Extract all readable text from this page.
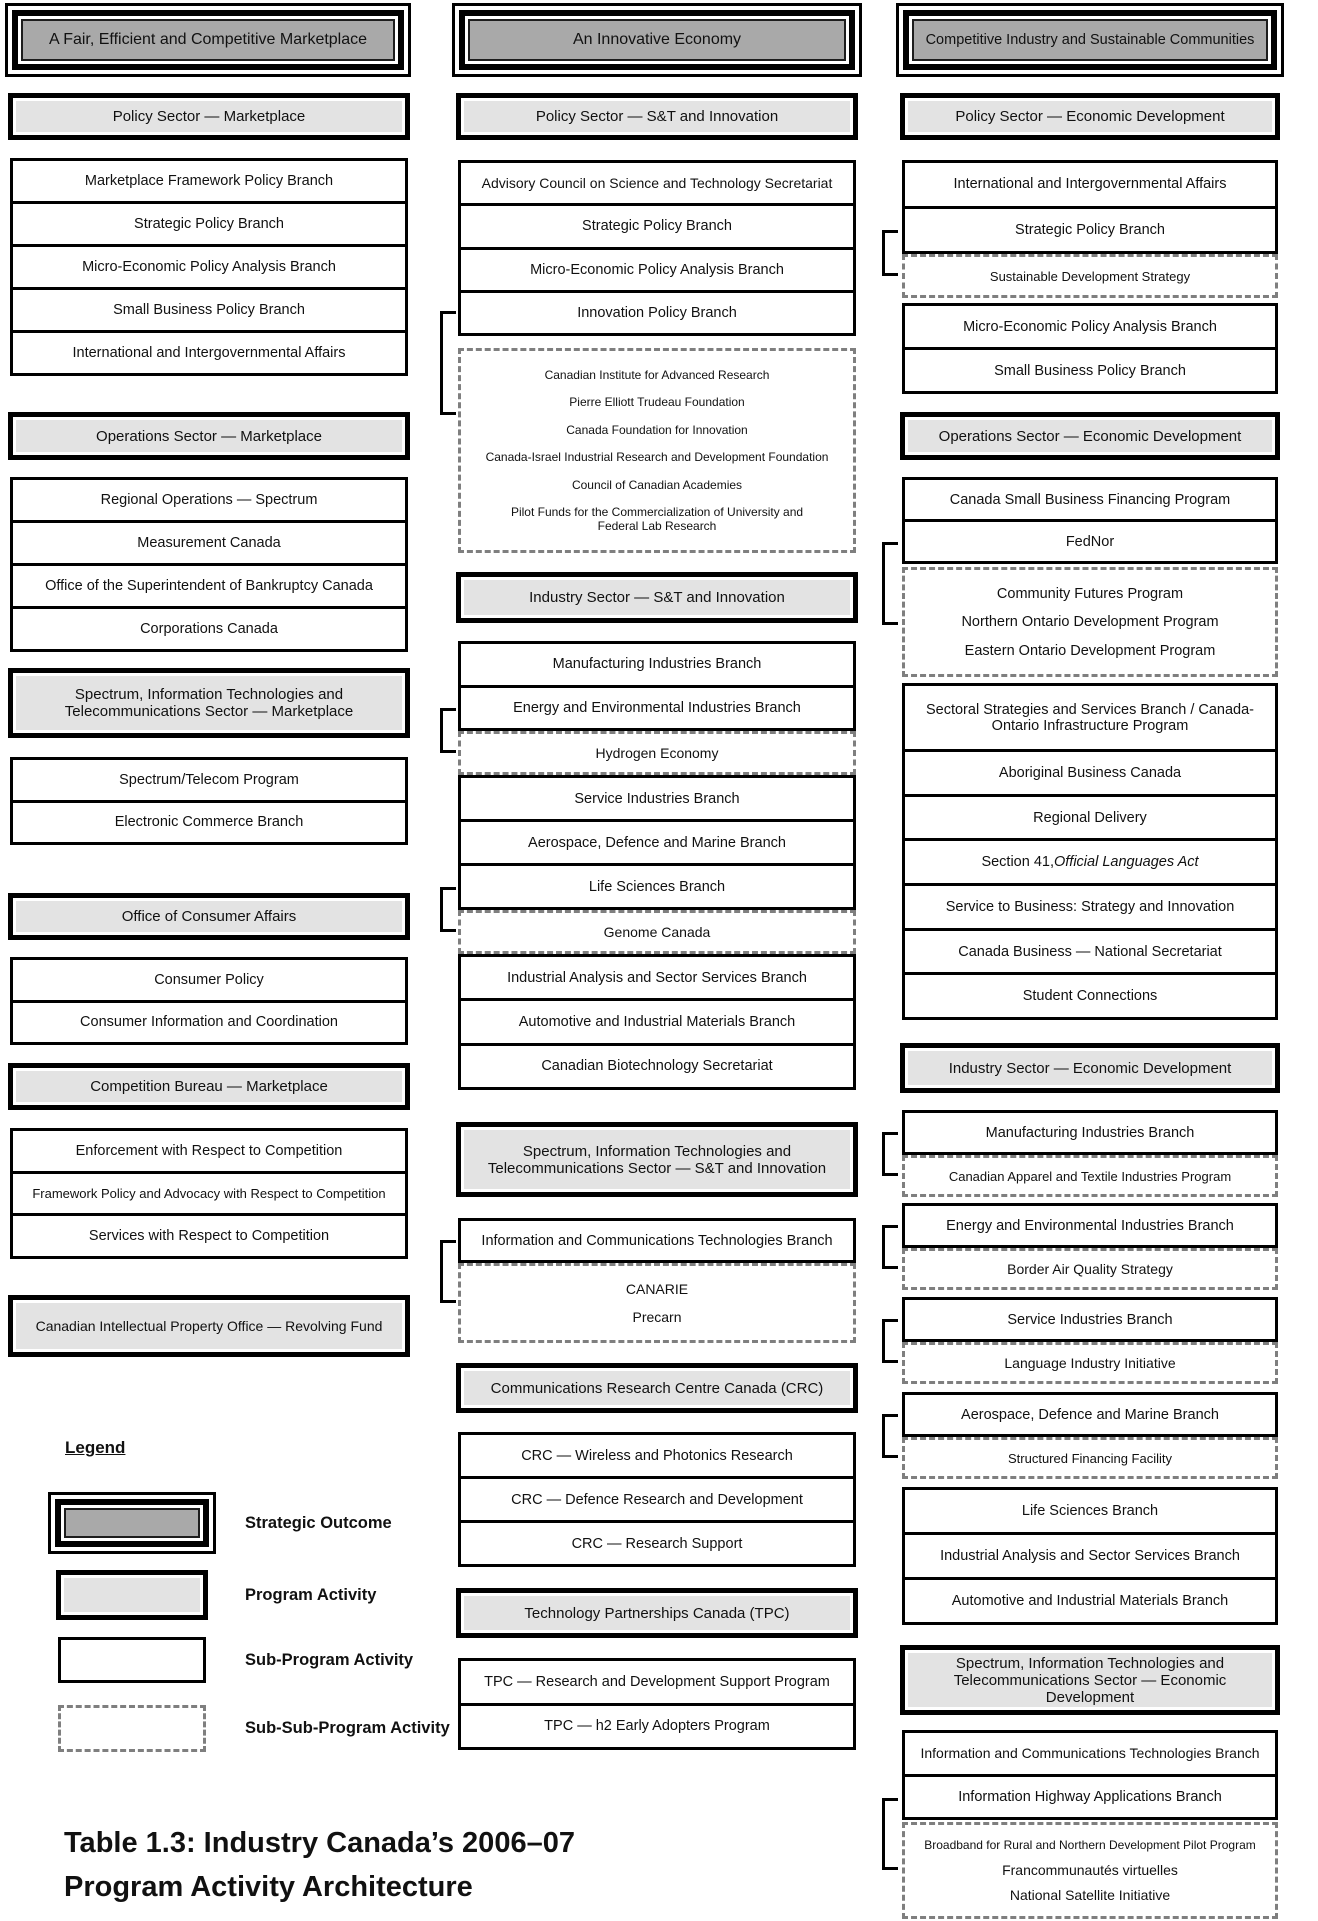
A Fair, Efficient and Competitive Marketplace
Policy Sector — Marketplace
Marketplace Framework Policy Branch
Strategic Policy Branch
Micro-Economic Policy Analysis Branch
Small Business Policy Branch
International and Intergovernmental Affairs
Operations Sector — Marketplace
Regional Operations — Spectrum
Measurement Canada
Office of the Superintendent of Bankruptcy Canada
Corporations Canada
Spectrum, Information Technologies and Telecommunications Sector — Marketplace
Spectrum/Telecom Program
Electronic Commerce Branch
Office of Consumer Affairs
Consumer Policy
Consumer Information and Coordination
Competition Bureau — Marketplace
Enforcement with Respect to Competition
Framework Policy and Advocacy with Respect to Competition
Services with Respect to Competition
Canadian Intellectual Property Office — Revolving Fund
Legend
Strategic Outcome
Program Activity
Sub-Program Activity
Sub-Sub-Program Activity
Table 1.3: Industry Canada’s 2006–07
Program Activity Architecture
An Innovative Economy
Policy Sector — S&T and Innovation
Advisory Council on Science and Technology Secretariat
Strategic Policy Branch
Micro-Economic Policy Analysis Branch
Innovation Policy Branch
Canadian Institute for Advanced Research
Pierre Elliott Trudeau Foundation
Canada Foundation for Innovation
Canada-Israel Industrial Research and Development Foundation
Council of Canadian Academies
Pilot Funds for the Commercialization of University and Federal Lab Research
Industry Sector — S&T and Innovation
Manufacturing Industries Branch
Energy and Environmental Industries Branch
Hydrogen Economy
Service Industries Branch
Aerospace, Defence and Marine Branch
Life Sciences Branch
Genome Canada
Industrial Analysis and Sector Services Branch
Automotive and Industrial Materials Branch
Canadian Biotechnology Secretariat
Spectrum, Information Technologies and Telecommunications Sector — S&T and Innovation
Information and Communications Technologies Branch
CANARIE
Precarn
Communications Research Centre Canada (CRC)
CRC — Wireless and Photonics Research
CRC — Defence Research and Development
CRC — Research Support
Technology Partnerships Canada (TPC)
TPC — Research and Development Support Program
TPC — h2 Early Adopters Program
Competitive Industry and Sustainable Communities
Policy Sector — Economic Development
International and Intergovernmental Affairs
Strategic Policy Branch
Sustainable Development Strategy
Micro-Economic Policy Analysis Branch
Small Business Policy Branch
Operations Sector — Economic Development
Canada Small Business Financing Program
FedNor
Community Futures Program
Northern Ontario Development Program
Eastern Ontario Development Program
Sectoral Strategies and Services Branch / Canada-Ontario Infrastructure Program
Aboriginal Business Canada
Regional Delivery
Section 41, Official Languages Act
Service to Business: Strategy and Innovation
Canada Business — National Secretariat
Student Connections
Industry Sector — Economic Development
Manufacturing Industries Branch
Canadian Apparel and Textile Industries Program
Energy and Environmental Industries Branch
Border Air Quality Strategy
Service Industries Branch
Language Industry Initiative
Aerospace, Defence and Marine Branch
Structured Financing Facility
Life Sciences Branch
Industrial Analysis and Sector Services Branch
Automotive and Industrial Materials Branch
Spectrum, Information Technologies and Telecommunications Sector — Economic Development
Information and Communications Technologies Branch
Information Highway Applications Branch
Broadband for Rural and Northern Development Pilot Program
Francommunautés virtuelles
National Satellite Initiative
